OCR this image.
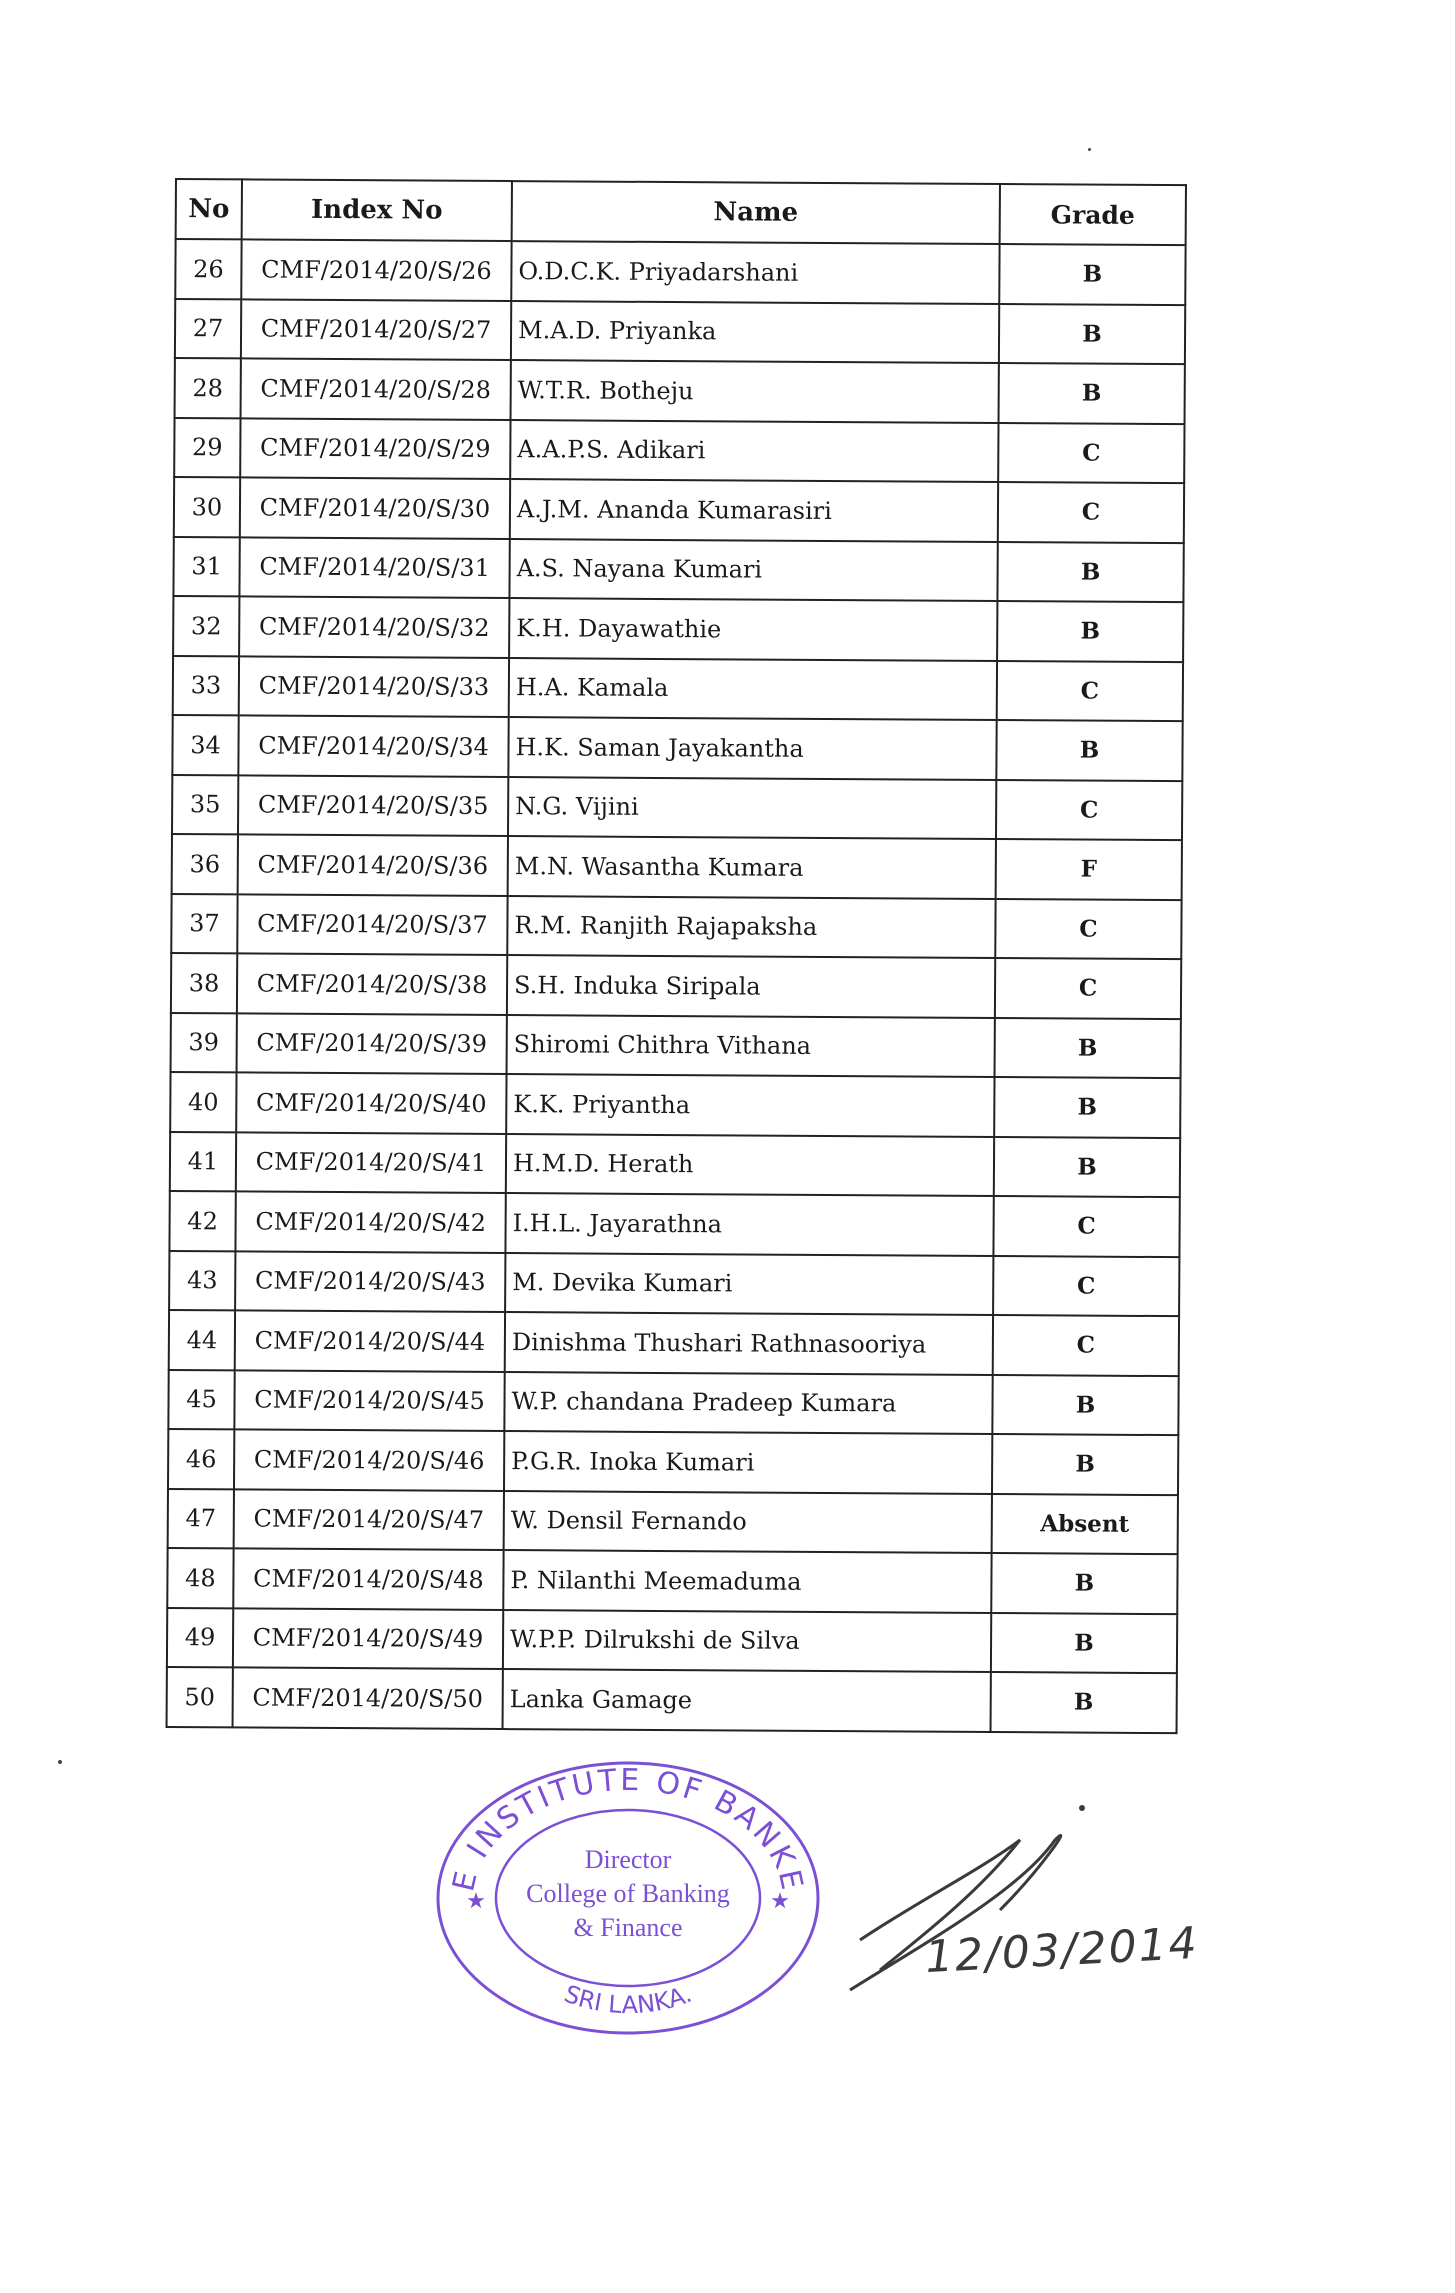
No	Index No	Name	Grade
26	CMF/2014/20/S/26	O.D.C.K. Priyadarshani	B
27	CMF/2014/20/S/27	M.A.D. Priyanka	B
28	CMF/2014/20/S/28	W.T.R. Botheju	B
29	CMF/2014/20/S/29	A.A.P.S. Adikari	C
30	CMF/2014/20/S/30	A.J.M. Ananda Kumarasiri	C
31	CMF/2014/20/S/31	A.S. Nayana Kumari	B
32	CMF/2014/20/S/32	K.H. Dayawathie	B
33	CMF/2014/20/S/33	H.A. Kamala	C
34	CMF/2014/20/S/34	H.K. Saman Jayakantha	B
35	CMF/2014/20/S/35	N.G. Vijini	C
36	CMF/2014/20/S/36	M.N. Wasantha Kumara	F
37	CMF/2014/20/S/37	R.M. Ranjith Rajapaksha	C
38	CMF/2014/20/S/38	S.H. Induka Siripala	C
39	CMF/2014/20/S/39	Shiromi Chithra Vithana	B
40	CMF/2014/20/S/40	K.K. Priyantha	B
41	CMF/2014/20/S/41	H.M.D. Herath	B
42	CMF/2014/20/S/42	I.H.L. Jayarathna	C
43	CMF/2014/20/S/43	M. Devika Kumari	C
44	CMF/2014/20/S/44	Dinishma Thushari Rathnasooriya	C
45	CMF/2014/20/S/45	W.P. chandana Pradeep Kumara	B
46	CMF/2014/20/S/46	P.G.R. Inoka Kumari	B
47	CMF/2014/20/S/47	W. Densil Fernando	Absent
48	CMF/2014/20/S/48	P. Nilanthi Meemaduma	B
49	CMF/2014/20/S/49	W.P.P. Dilrukshi de Silva	B
50	CMF/2014/20/S/50	Lanka Gamage	B
E INSTITUTE OF BANKE
SRI LANKA.
Director
College of Banking
& Finance
★	★
12/03/2014
